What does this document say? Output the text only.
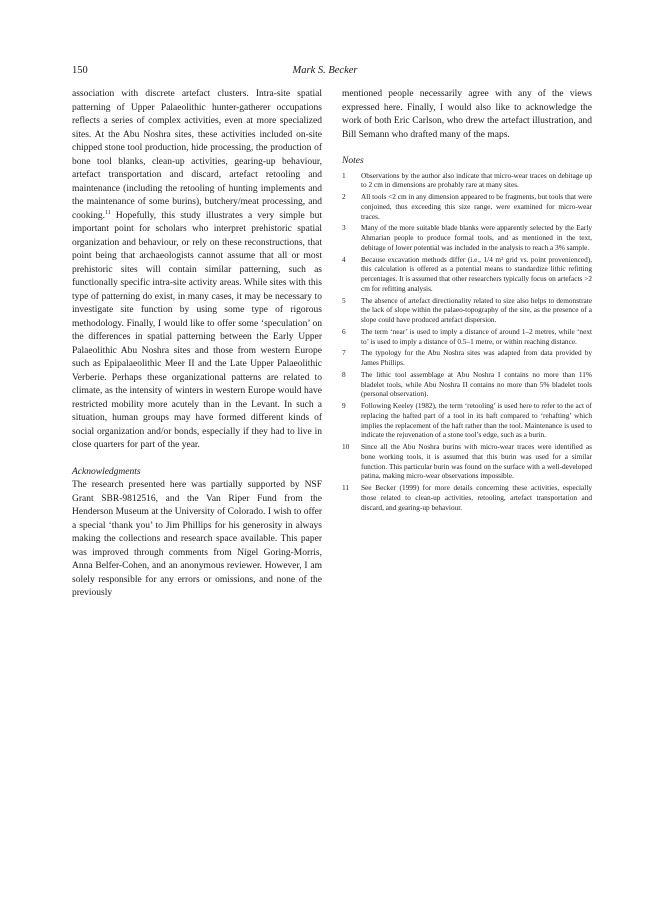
150	Mark S. Becker

association with discrete artefact clusters. Intra-site spatial patterning of Upper Palaeolithic hunter-gatherer occupations reflects a series of complex activities, even at more specialized sites. At the Abu Noshra sites, these activities included on-site chipped stone tool production, hide processing, the production of bone tool blanks, clean-up activities, gearing-up behaviour, artefact transportation and discard, artefact retooling and maintenance (including the retooling of hunting implements and the maintenance of some burins), butchery/meat processing, and cooking.$^{11}$ Hopefully, this study illustrates a very simple but important point for scholars who interpret prehistoric spatial organization and behaviour, or rely on these reconstructions, that point being that archaeologists cannot assume that all or most prehistoric sites will contain similar patterning, such as functionally specific intra-site activity areas. While sites with this type of patterning do exist, in many cases, it may be necessary to investigate site function by using some type of rigorous methodology. Finally, I would like to offer some ‘speculation’ on the differences in spatial patterning between the Early Upper Palaeolithic Abu Noshra sites and those from western Europe such as Epipalaeolithic Meer II and the Late Upper Palaeolithic Verberie. Perhaps these organizational patterns are related to climate, as the intensity of winters in western Europe would have restricted mobility more acutely than in the Levant. In such a situation, human groups may have formed different kinds of social organization and/or bonds, especially if they had to live in close quarters for part of the year.

Acknowledgments

The research presented here was partially supported by NSF Grant SBR-9812516, and the Van Riper Fund from the Henderson Museum at the University of Colorado. I wish to offer a special ‘thank you’ to Jim Phillips for his generosity in always making the collections and research space available. This paper was improved through comments from Nigel Goring-Morris, Anna Belfer-Cohen, and an anonymous reviewer. However, I am solely responsible for any errors or omissions, and none of the previously

mentioned people necessarily agree with any of the views expressed here. Finally, I would also like to acknowledge the work of both Eric Carlson, who drew the artefact illustration, and Bill Semann who drafted many of the maps.

Notes

1	Observations by the author also indicate that micro-wear traces on debitage up to 2 cm in dimensions are probably rare at many sites.
2	All tools <2 cm in any dimension appeared to be fragments, but tools that were conjoined, thus exceeding this size range, were examined for micro-wear traces.
3	Many of the more suitable blade blanks were apparently selected by the Early Ahmarian people to produce formal tools, and as mentioned in the text, debitage of lower potential was included in the analysis to reach a 3% sample.
4	Because excavation methods differ (i.e., 1/4 m² grid vs. point provenienced), this calculation is offered as a potential means to standardize lithic refitting percentages. It is assumed that other researchers typically focus on artefacts >2 cm for refitting analysis.
5	The absence of artefact directionality related to size also helps to demonstrate the lack of slope within the palaeo-topography of the site, as the presence of a slope could have produced artefact dispersion.
6	The term ‘near’ is used to imply a distance of around 1–2 metres, while ‘next to’ is used to imply a distance of 0.5–1 metre, or within reaching distance.
7	The typology for the Abu Noshra sites was adapted from data provided by James Phillips.
8	The lithic tool assemblage at Abu Noshra I contains no more than 11% bladelet tools, while Abu Noshra II contains no more than 5% bladelet tools (personal observation).
9	Following Keeley (1982), the term ‘retooling’ is used here to refer to the act of replacing the hafted part of a tool in its haft compared to ‘rehafting’ which implies the replacement of the haft rather than the tool. Maintenance is used to indicate the rejuvenation of a stone tool’s edge, such as a burin.
10	Since all the Abu Noshra burins with micro-wear traces were identified as bone working tools, it is assumed that this burin was used for a similar function. This particular burin was found on the surface with a well-developed patina, making micro-wear observations impossible.
11	See Becker (1999) for more details concerning these activities, especially those related to clean-up activities, retooling, artefact transportation and discard, and gearing-up behaviour.
